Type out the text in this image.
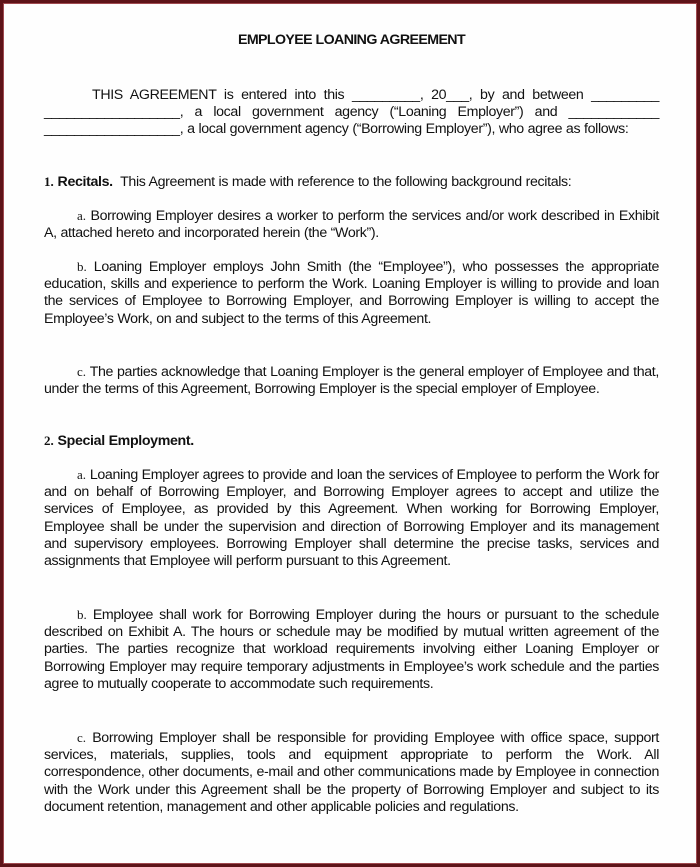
EMPLOYEE LOANING AGREEMENT

THIS AGREEMENT is entered into this _________, 20___, by and between _________ __________________, a local government agency (“Loaning Employer”) and ____________ __________________, a local government agency (“Borrowing Employer”), who agree as follows:

1. Recitals. This Agreement is made with reference to the following background recitals:

a. Borrowing Employer desires a worker to perform the services and/or work described in Exhibit A, attached hereto and incorporated herein (the “Work”).

b. Loaning Employer employs John Smith (the “Employee”), who possesses the appropriate education, skills and experience to perform the Work. Loaning Employer is willing to provide and loan the services of Employee to Borrowing Employer, and Borrowing Employer is willing to accept the Employee’s Work, on and subject to the terms of this Agreement.

c. The parties acknowledge that Loaning Employer is the general employer of Employee and that, under the terms of this Agreement, Borrowing Employer is the special employer of Employee.

2. Special Employment.

a. Loaning Employer agrees to provide and loan the services of Employee to perform the Work for and on behalf of Borrowing Employer, and Borrowing Employer agrees to accept and utilize the services of Employee, as provided by this Agreement. When working for Borrowing Employer, Employee shall be under the supervision and direction of Borrowing Employer and its management and supervisory employees. Borrowing Employer shall determine the precise tasks, services and assignments that Employee will perform pursuant to this Agreement.

b. Employee shall work for Borrowing Employer during the hours or pursuant to the schedule described on Exhibit A. The hours or schedule may be modified by mutual written agreement of the parties. The parties recognize that workload requirements involving either Loaning Employer or Borrowing Employer may require temporary adjustments in Employee’s work schedule and the parties agree to mutually cooperate to accommodate such requirements.

c. Borrowing Employer shall be responsible for providing Employee with office space, support services, materials, supplies, tools and equipment appropriate to perform the Work. All correspondence, other documents, e-mail and other communications made by Employee in connection with the Work under this Agreement shall be the property of Borrowing Employer and subject to its document retention, management and other applicable policies and regulations.
